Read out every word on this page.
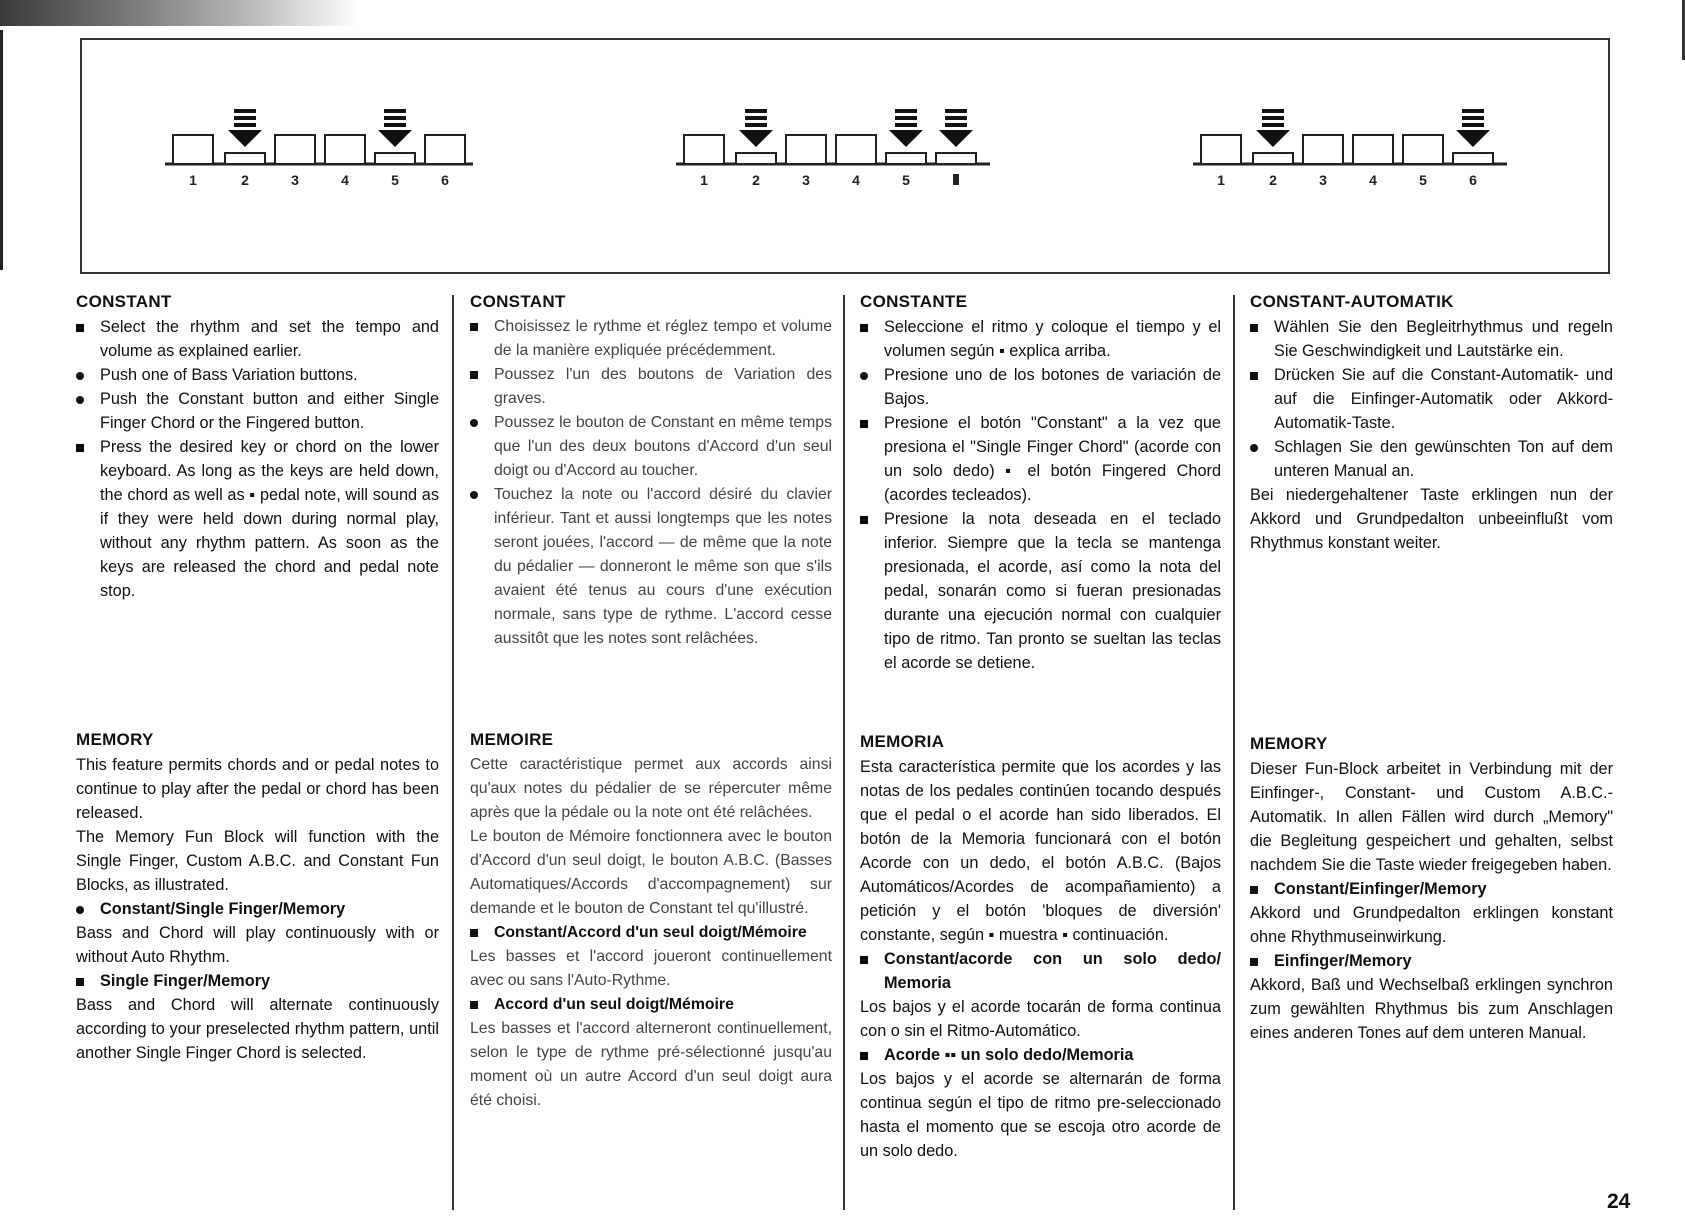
1	2	3	4	5	6	1	2	3	4	5	1	2	3	4	5	6
CONSTANT
Select the rhythm and set the tempo and volume as explained earlier.
Push one of Bass Variation buttons.
Push the Constant button and either Single Finger Chord or the Fingered button.
Press the desired key or chord on the lower keyboard. As long as the keys are held down, the chord as well as ▪ pedal note, will sound as if they were held down during normal play, without any rhythm pattern. As soon as the keys are released the chord and pedal note stop.
MEMORY
This feature permits chords and or pedal notes to continue to play after the pedal or chord has been released.
The Memory Fun Block will function with the Single Finger, Custom A.B.C. and Constant Fun Blocks, as illustrated.
Constant/Single Finger/Memory
Bass and Chord will play continuously with or without Auto Rhythm.
Single Finger/Memory
Bass and Chord will alternate continuously according to your preselected rhythm pattern, until another Single Finger Chord is selected.
CONSTANT
Choisissez le rythme et réglez tempo et volume de la manière expliquée précédemment.
Poussez l'un des boutons de Variation des graves.
Poussez le bouton de Constant en même temps que l'un des deux boutons d'Accord d'un seul doigt ou d'Accord au toucher.
Touchez la note ou l'accord désiré du clavier inférieur. Tant et aussi longtemps que les notes seront jouées, l'accord — de même que la note du pédalier — donneront le même son que s'ils avaient été tenus au cours d'une exécution normale, sans type de rythme. L'accord cesse aussitôt que les notes sont relâchées.
MEMOIRE
Cette caractéristique permet aux accords ainsi qu'aux notes du pédalier de se répercuter même après que la pédale ou la note ont été relâchées.
Le bouton de Mémoire fonctionnera avec le bouton d'Accord d'un seul doigt, le bouton A.B.C. (Basses Automatiques/Accords d'accompagnement) sur demande et le bouton de Constant tel qu'illustré.
Constant/Accord d'un seul doigt/Mémoire
Les basses et l'accord joueront continuellement avec ou sans l'Auto-Rythme.
Accord d'un seul doigt/Mémoire
Les basses et l'accord alterneront continuellement, selon le type de rythme pré-sélectionné jusqu'au moment où un autre Accord d'un seul doigt aura été choisi.
CONSTANTE
Seleccione el ritmo y coloque el tiempo y el volumen según ▪ explica arriba.
Presione uno de los botones de variación de Bajos.
Presione el botón "Constant" a la vez que presiona el "Single Finger Chord" (acorde con un solo dedo) ▪ el botón Fingered Chord (acordes tecleados).
Presione la nota deseada en el teclado inferior. Siempre que la tecla se mantenga presionada, el acorde, así como la nota del pedal, sonarán como si fueran presionadas durante una ejecución normal con cualquier tipo de ritmo. Tan pronto se sueltan las teclas el acorde se detiene.
MEMORIA
Esta característica permite que los acordes y las notas de los pedales continúen tocando después que el pedal o el acorde han sido liberados. El botón de la Memoria funcionará con el botón Acorde con un dedo, el botón A.B.C. (Bajos Automáticos/Acordes de acompañamiento) a petición y el botón 'bloques de diversión' constante, según ▪ muestra ▪ continuación.
Constant/acorde con un solo dedo/ Memoria
Los bajos y el acorde tocarán de forma continua con o sin el Ritmo-Automático.
Acorde ▪▪ un solo dedo/Memoria
Los bajos y el acorde se alternarán de forma continua según el tipo de ritmo pre-seleccionado hasta el momento que se escoja otro acorde de un solo dedo.
CONSTANT-AUTOMATIK
Wählen Sie den Begleitrhythmus und regeln Sie Geschwindigkeit und Lautstärke ein.
Drücken Sie auf die Constant-Automatik- und auf die Einfinger-Automatik oder Akkord-Automatik-Taste.
Schlagen Sie den gewünschten Ton auf dem unteren Manual an.
Bei niedergehaltener Taste erklingen nun der Akkord und Grundpedalton unbeeinflußt vom Rhythmus konstant weiter.
MEMORY
Dieser Fun-Block arbeitet in Verbindung mit der Einfinger-, Constant- und Custom A.B.C.-Automatik. In allen Fällen wird durch „Memory" die Begleitung gespeichert und gehalten, selbst nachdem Sie die Taste wieder freigegeben haben.
Constant/Einfinger/Memory
Akkord und Grundpedalton erklingen konstant ohne Rhythmuseinwirkung.
Einfinger/Memory
Akkord, Baß und Wechselbaß erklingen synchron zum gewählten Rhythmus bis zum Anschlagen eines anderen Tones auf dem unteren Manual.
24
